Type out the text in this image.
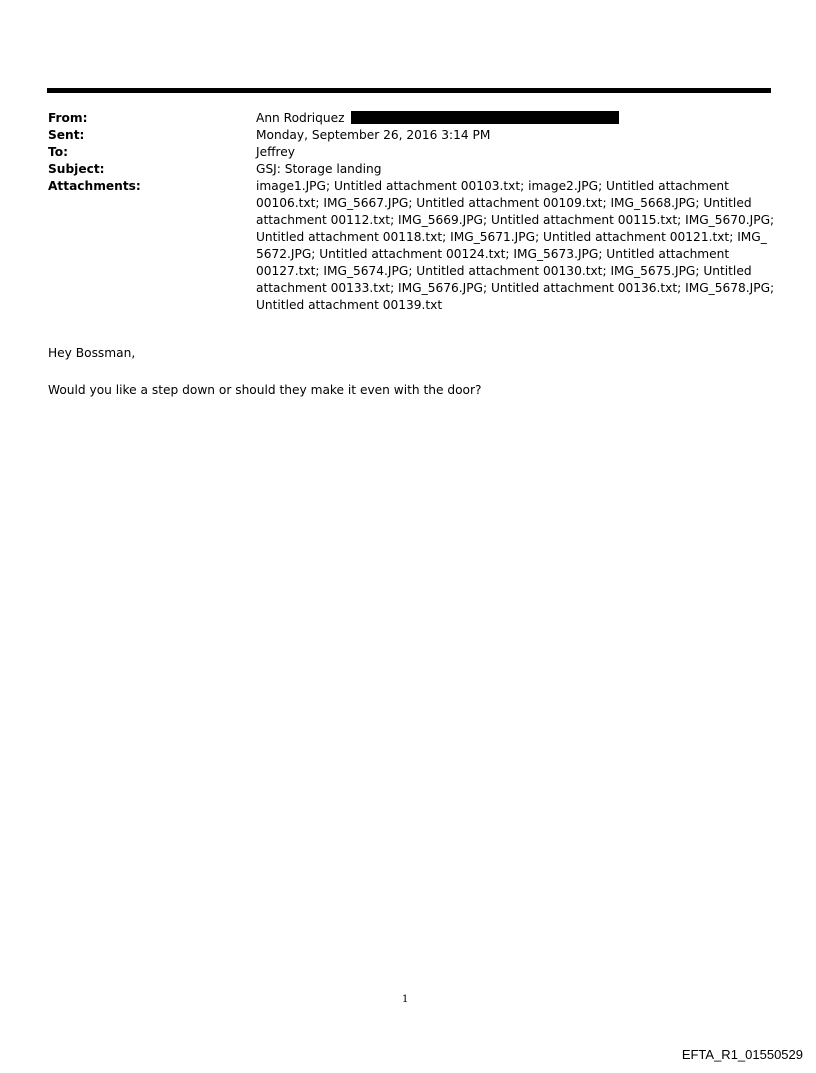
From:	Ann Rodriquez
Sent:	Monday, September 26, 2016 3:14 PM
To:	Jeffrey
Subject:	GSJ: Storage landing
Attachments:	image1.JPG; Untitled attachment 00103.txt; image2.JPG; Untitled attachment
00106.txt; IMG_5667.JPG; Untitled attachment 00109.txt; IMG_5668.JPG; Untitled
attachment 00112.txt; IMG_5669.JPG; Untitled attachment 00115.txt; IMG_5670.JPG;
Untitled attachment 00118.txt; IMG_5671.JPG; Untitled attachment 00121.txt; IMG_
5672.JPG; Untitled attachment 00124.txt; IMG_5673.JPG; Untitled attachment
00127.txt; IMG_5674.JPG; Untitled attachment 00130.txt; IMG_5675.JPG; Untitled
attachment 00133.txt; IMG_5676.JPG; Untitled attachment 00136.txt; IMG_5678.JPG;
Untitled attachment 00139.txt

Hey Bossman,

Would you like a step down or should they make it even with the door?

1
EFTA_R1_01550529
